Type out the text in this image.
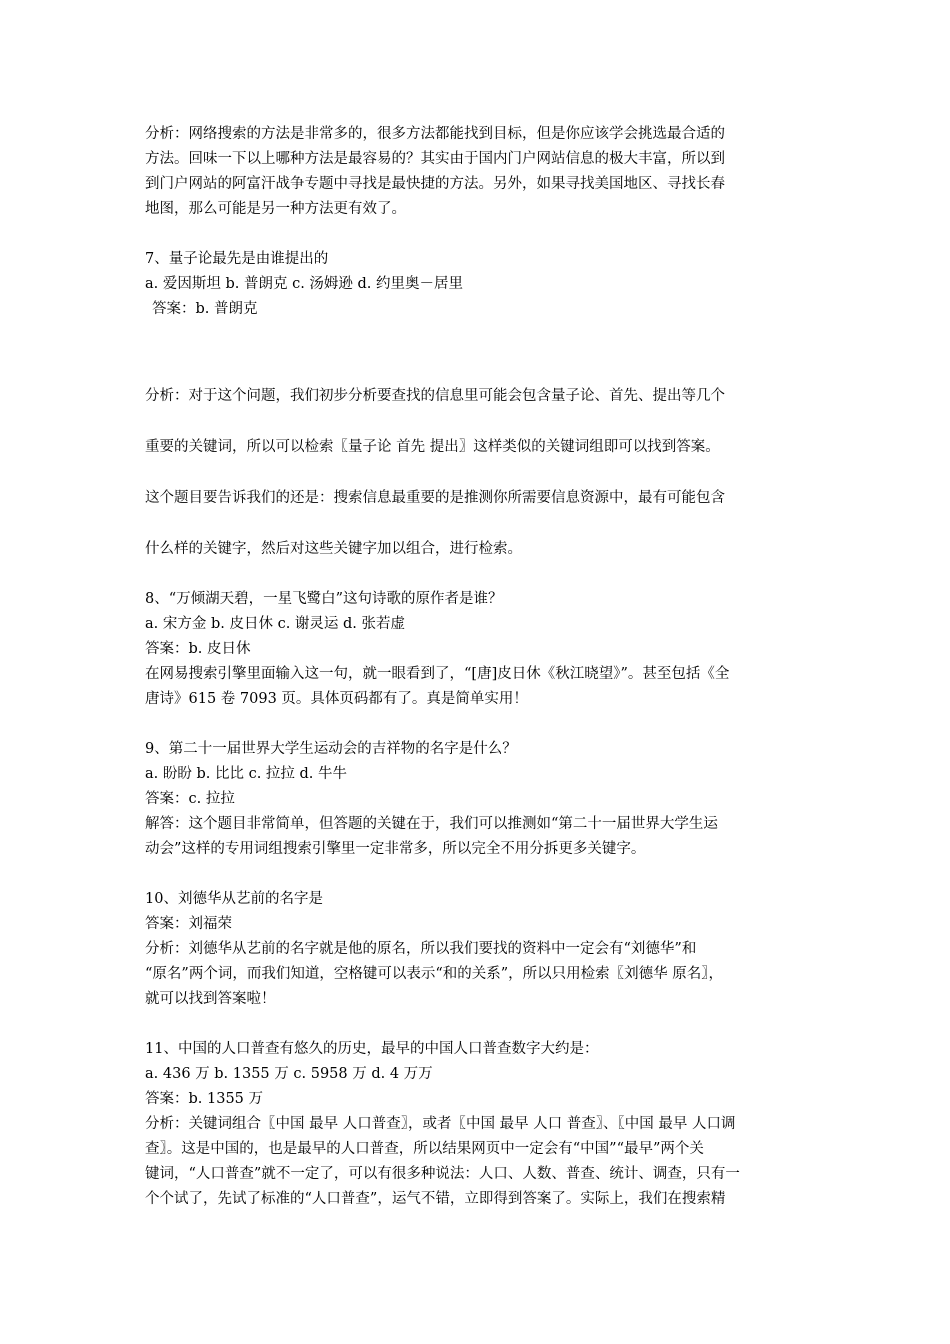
分析：网络搜索的方法是非常多的，很多方法都能找到目标，但是你应该学会挑选最合适的

方法。回味一下以上哪种方法是最容易的？其实由于国内门户网站信息的极大丰富，所以到

到门户网站的阿富汗战争专题中寻找是最快捷的方法。另外，如果寻找美国地区、寻找长春

地图，那么可能是另一种方法更有效了。

7、量子论最先是由谁提出的

a. 爱因斯坦 b. 普朗克 c. 汤姆逊 d. 约里奥－居里

答案：b. 普朗克

分析：对于这个问题，我们初步分析要查找的信息里可能会包含量子论、首先、提出等几个

重要的关键词，所以可以检索〖量子论 首先 提出〗这样类似的关键词组即可以找到答案。

这个题目要告诉我们的还是：搜索信息最重要的是推测你所需要信息资源中，最有可能包含

什么样的关键字，然后对这些关键字加以组合，进行检索。

8、“万倾湖天碧，一星飞鹭白”这句诗歌的原作者是谁？

a. 宋方金 b. 皮日休 c. 谢灵运 d. 张若虚

答案：b. 皮日休

在网易搜索引擎里面输入这一句，就一眼看到了，“[唐]皮日休《秋江晓望》”。甚至包括《全

唐诗》615 卷 7093 页。具体页码都有了。真是简单实用！

9、第二十一届世界大学生运动会的吉祥物的名字是什么？

a. 盼盼 b. 比比 c. 拉拉 d. 牛牛

答案：c. 拉拉

解答：这个题目非常简单，但答题的关键在于，我们可以推测如“第二十一届世界大学生运

动会”这样的专用词组搜索引擎里一定非常多，所以完全不用分拆更多关键字。

10、刘德华从艺前的名字是

答案：刘福荣

分析：刘德华从艺前的名字就是他的原名，所以我们要找的资料中一定会有“刘德华”和

“原名”两个词，而我们知道，空格键可以表示“和的关系”，所以只用检索〖刘德华 原名〗，

就可以找到答案啦！

11、中国的人口普查有悠久的历史，最早的中国人口普查数字大约是：

a. 436 万 b. 1355 万 c. 5958 万 d. 4 万万

答案：b. 1355 万

分析：关键词组合〖中国 最早 人口普查〗，或者〖中国 最早 人口 普查〗、〖中国 最早 人口调

查〗。这是中国的，也是最早的人口普查，所以结果网页中一定会有“中国”“最早”两个关

键词，“人口普查”就不一定了，可以有很多种说法：人口、人数、普查、统计、调查，只有一

个个试了，先试了标准的“人口普查”，运气不错，立即得到答案了。实际上，我们在搜索精
